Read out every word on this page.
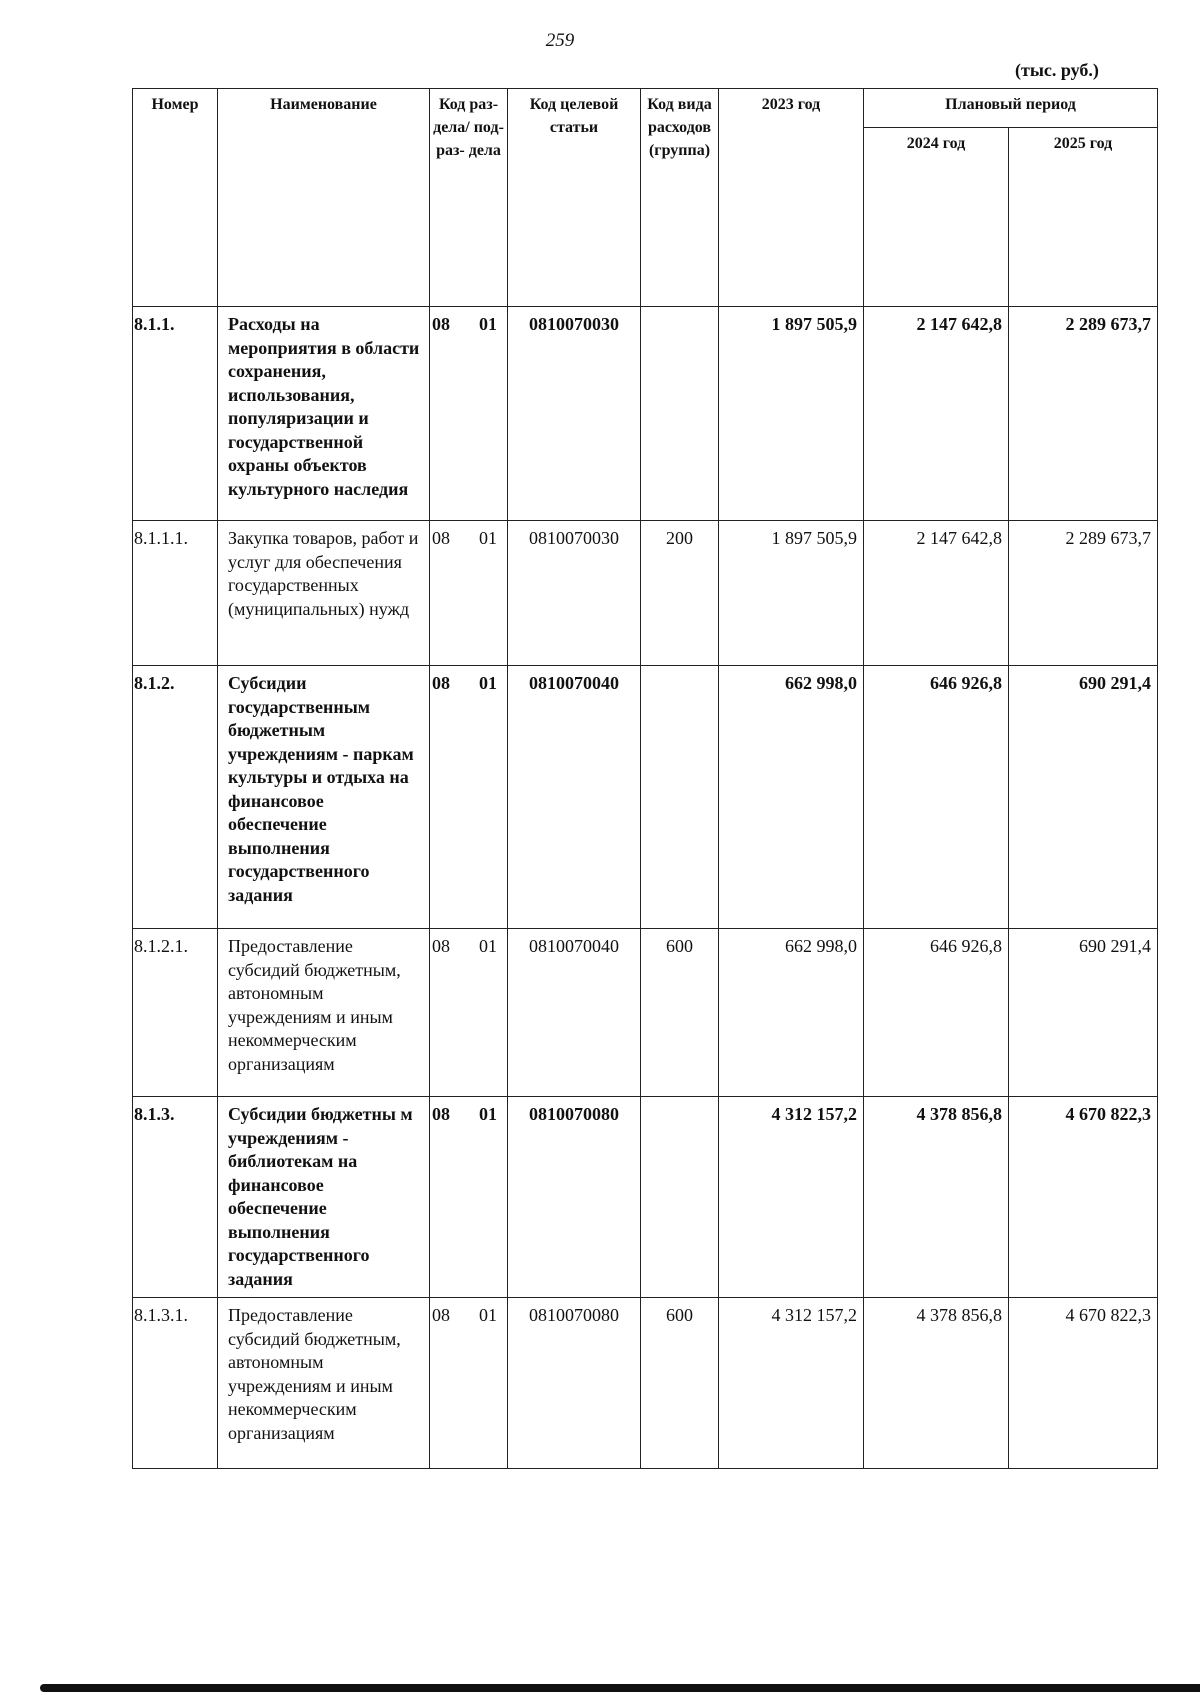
259
(тыс. руб.)
Номер	Наименование	Код раз- дела/ под- раз- дела	Код целевой статьи	Код вида расходов (группа)	2023 год	Плановый период	
						2024 год	2025 год
8.1.1.	Расходы на мероприятия в области сохранения, использования, популяризации и государственной охраны объектов культурного наследия	08 01	0810070030		1 897 505,9	2 147 642,8	2 289 673,7
8.1.1.1.	Закупка товаров, работ и услуг для обеспечения государственных (муниципальных) нужд	08 01	0810070030	200	1 897 505,9	2 147 642,8	2 289 673,7
8.1.2.	Субсидии государственным бюджетным учреждениям - паркам культуры и отдыха на финансовое обеспечение выполнения государственного задания	08 01	0810070040		662 998,0	646 926,8	690 291,4
8.1.2.1.	Предоставление субсидий бюджетным, автономным учреждениям и иным некоммерческим организациям	08 01	0810070040	600	662 998,0	646 926,8	690 291,4
8.1.3.	Субсидии бюджетны м учреждениям - библиотекам на финансовое обеспечение выполнения государственного задания	08 01	0810070080		4 312 157,2	4 378 856,8	4 670 822,3
8.1.3.1.	Предоставление субсидий бюджетным, автономным учреждениям и иным некоммерческим организациям	08 01	0810070080	600	4 312 157,2	4 378 856,8	4 670 822,3
